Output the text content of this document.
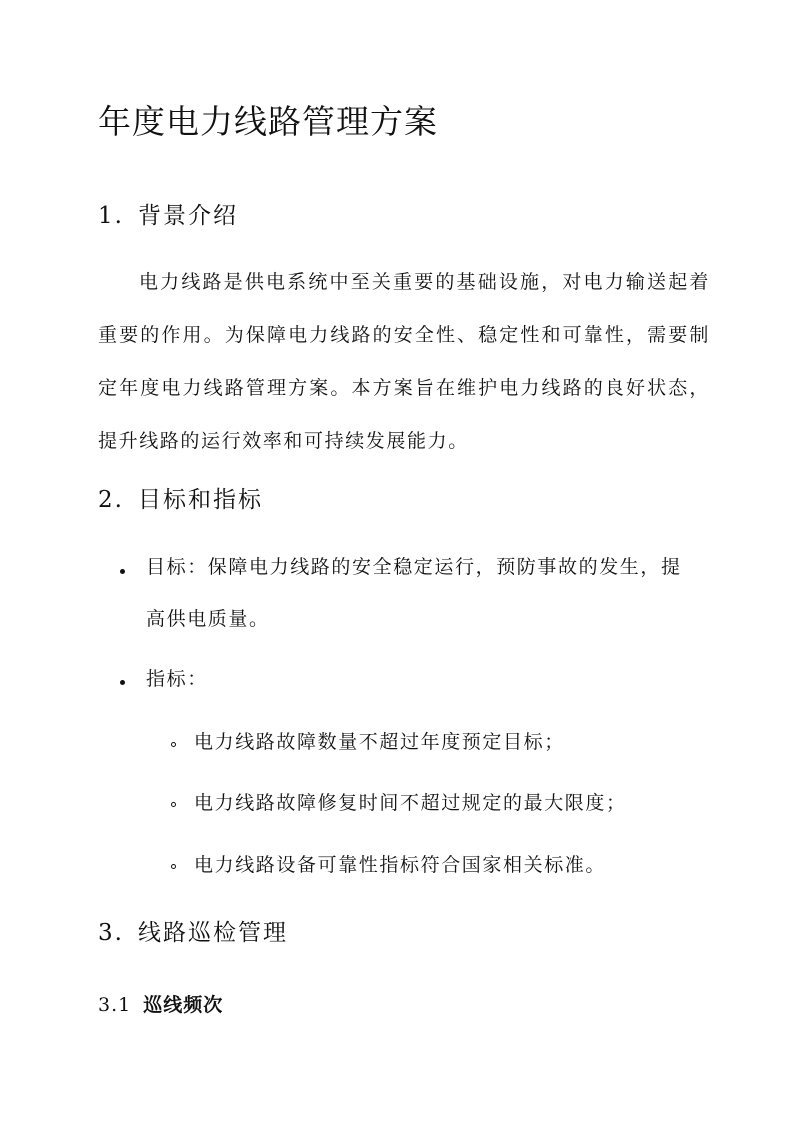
年度电力线路管理方案
1. 背景介绍

电力线路是供电系统中至关重要的基础设施，对电力输送起着重要的作用。为保障电力线路的安全性、稳定性和可靠性，需要制定年度电力线路管理方案。本方案旨在维护电力线路的良好状态，提升线路的运行效率和可持续发展能力。

2. 目标和指标

目标：保障电力线路的安全稳定运行，预防事故的发生，提

高供电质量。

指标：

电力线路故障数量不超过年度预定目标；

电力线路故障修复时间不超过规定的最大限度；

电力线路设备可靠性指标符合国家相关标准。

3. 线路巡检管理
3.1 巡线频次
